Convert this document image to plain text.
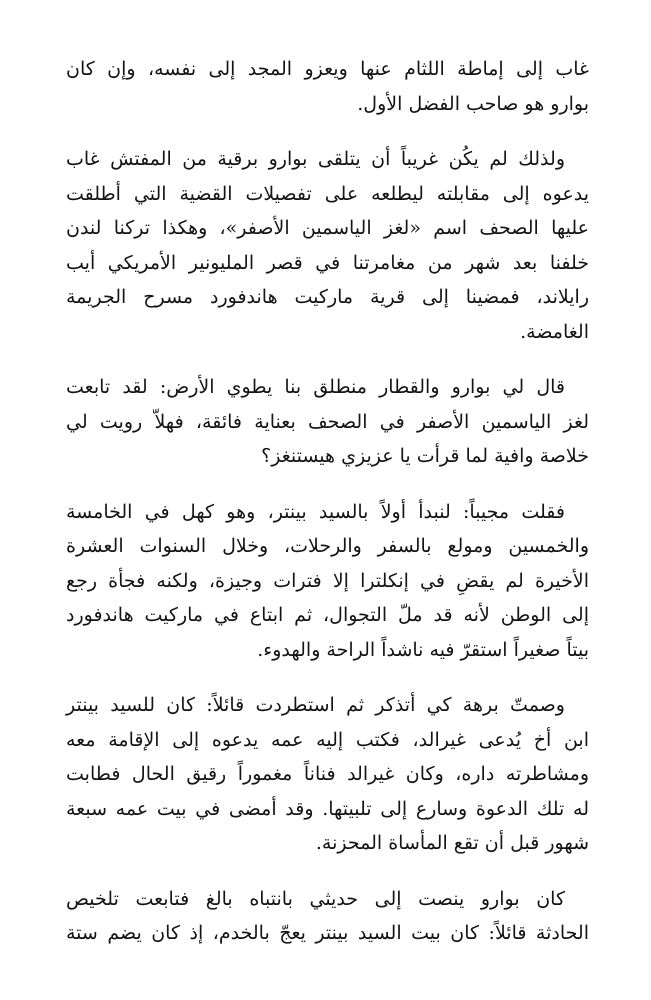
غاب إلى إماطة اللثام عنها ويعزو المجد إلى نفسه، وإن كان
بوارو هو صاحب الفضل الأول.
ولذلك لم يكُن غريباً أن يتلقى بوارو برقية من المفتش غاب
يدعوه إلى مقابلته ليطلعه على تفصيلات القضية التي أطلقت
عليها الصحف اسم «لغز الياسمين الأصفر»، وهكذا تركنا لندن
خلفنا بعد شهر من مغامرتنا في قصر المليونير الأمريكي أيب
رايلاند، فمضينا إلى قرية ماركيت هاندفورد مسرح الجريمة
الغامضة.
قال لي بوارو والقطار منطلق بنا يطوي الأرض: لقد تابعت
لغز الياسمين الأصفر في الصحف بعناية فائقة، فهلاّ رويت لي
خلاصة وافية لما قرأت يا عزيزي هيستنغز؟
فقلت مجيباً: لنبدأ أولاً بالسيد بينتر، وهو كهل في الخامسة
والخمسين ومولع بالسفر والرحلات، وخلال السنوات العشرة
الأخيرة لم يقضِ في إنكلترا إلا فترات وجيزة، ولكنه فجأة رجع
إلى الوطن لأنه قد ملّ التجوال، ثم ابتاع في ماركيت هاندفورد
بيتاً صغيراً استقرّ فيه ناشداً الراحة والهدوء.
وصمتّ برهة كي أتذكر ثم استطردت قائلاً: كان للسيد بينتر
ابن أخ يُدعى غيرالد، فكتب إليه عمه يدعوه إلى الإقامة معه
ومشاطرته داره، وكان غيرالد فناناً مغموراً رقيق الحال فطابت
له تلك الدعوة وسارع إلى تلبيتها. وقد أمضى في بيت عمه سبعة
شهور قبل أن تقع المأساة المحزنة.
كان بوارو ينصت إلى حديثي بانتباه بالغ فتابعت تلخيص
الحادثة قائلاً: كان بيت السيد بينتر يعجّ بالخدم، إذ كان يضم ستة
